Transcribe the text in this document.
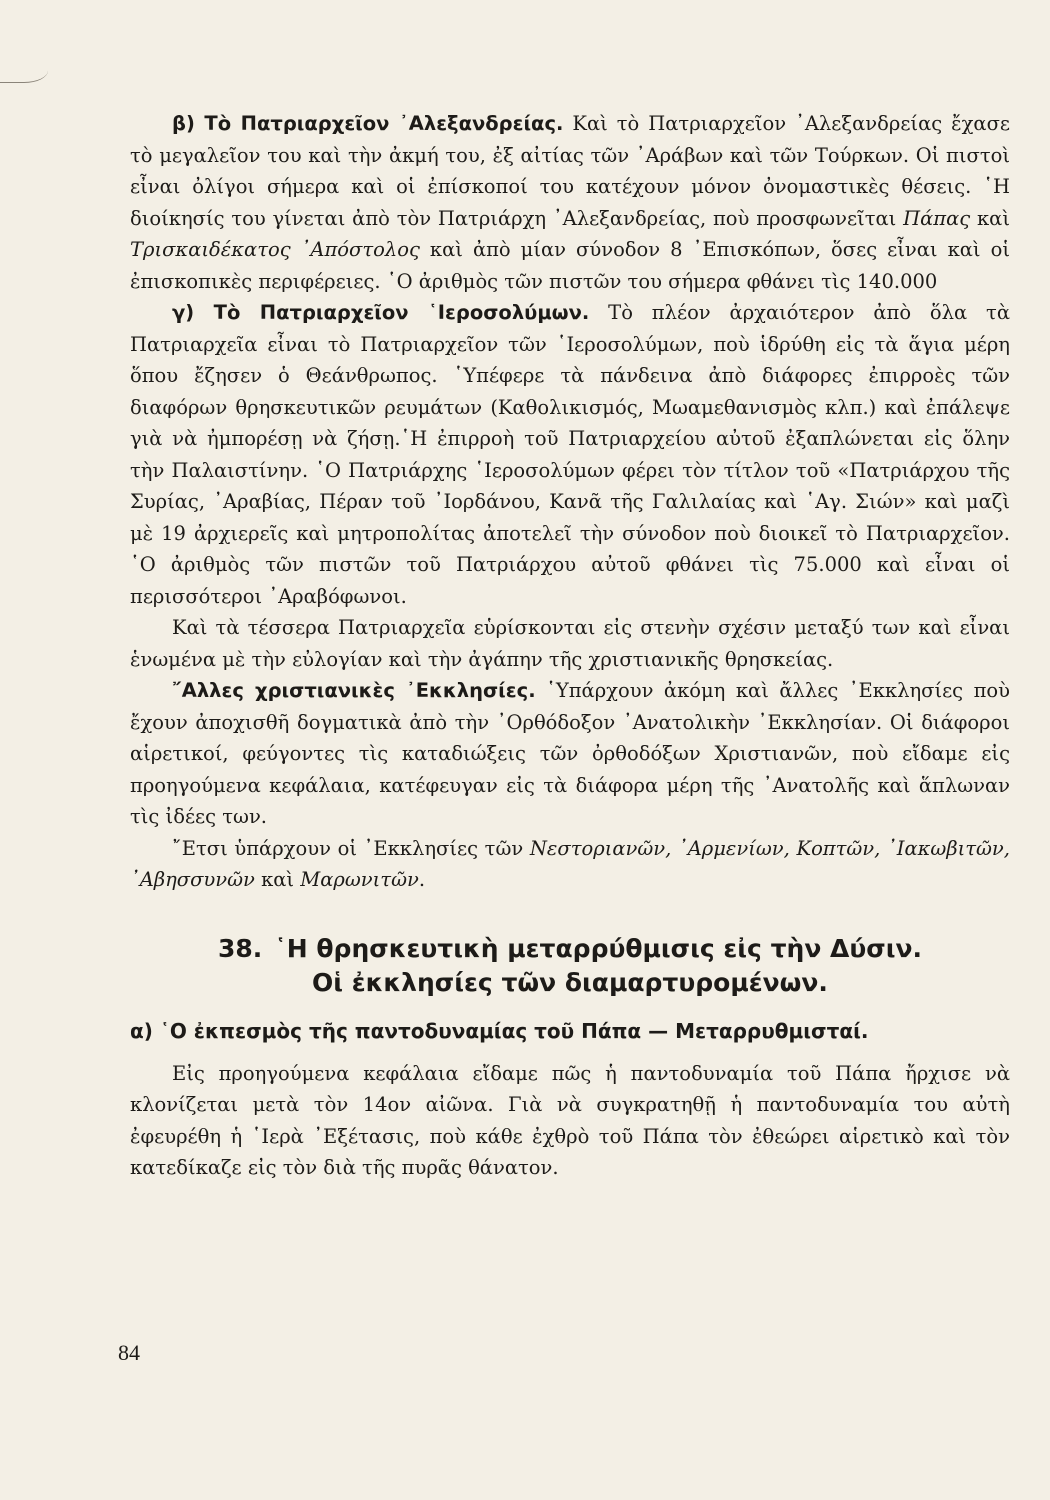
β) Τὸ Πατριαρχεῖον ᾿Αλεξανδρείας. Καὶ τὸ Πατριαρχεῖον ᾿Αλεξανδρείας ἔχασε τὸ μεγαλεῖον του καὶ τὴν ἀκμή του, ἐξ αἰτίας τῶν ᾿Αράβων καὶ τῶν Τούρκων. Οἱ πιστοὶ εἶναι ὀλίγοι σήμερα καὶ οἱ ἐπίσκοποί του κατέχουν μόνον ὀνομαστικὲς θέσεις. ῾Η διοίκησίς του γίνεται ἀπὸ τὸν Πατριάρχη ᾿Αλεξανδρείας, ποὺ προσφωνεῖται Πάπας καὶ Τρισκαιδέκατος ᾿Απόστολος καὶ ἀπὸ μίαν σύνοδον 8 ᾿Επισκόπων, ὅσες εἶναι καὶ οἱ ἐπισκοπικὲς περιφέρειες. ῾Ο ἀριθμὸς τῶν πιστῶν του σήμερα φθάνει τὶς 140.000

γ) Τὸ Πατριαρχεῖον ῾Ιεροσολύμων. Τὸ πλέον ἀρχαιότερον ἀπὸ ὅλα τὰ Πατριαρχεῖα εἶναι τὸ Πατριαρχεῖον τῶν ῾Ιεροσολύμων, ποὺ ἱδρύθη εἰς τὰ ἅγια μέρη ὅπου ἔζησεν ὁ Θεάνθρωπος. ῾Υπέφερε τὰ πάνδεινα ἀπὸ διάφορες ἐπιρροὲς τῶν διαφόρων θρησκευτικῶν ρευμάτων (Καθολικισμός, Μωαμεθανισμὸς κλπ.) καὶ ἐπάλεψε γιὰ νὰ ἠμπορέσῃ νὰ ζήσῃ.῾Η ἐπιρροὴ τοῦ Πατριαρχείου αὐτοῦ ἐξαπλώνεται εἰς ὅλην τὴν Παλαιστίνην. ῾Ο Πατριάρχης ῾Ιεροσολύμων φέρει τὸν τίτλον τοῦ «Πατριάρχου τῆς Συρίας, ᾿Αραβίας, Πέραν τοῦ ᾿Ιορδάνου, Κανᾶ τῆς Γαλιλαίας καὶ ῾Αγ. Σιών» καὶ μαζὶ μὲ 19 ἀρχιερεῖς καὶ μητροπολίτας ἀποτελεῖ τὴν σύνοδον ποὺ διοικεῖ τὸ Πατριαρχεῖον. ῾Ο ἀριθμὸς τῶν πιστῶν τοῦ Πατριάρχου αὐτοῦ φθάνει τὶς 75.000 καὶ εἶναι οἱ περισσότεροι ᾿Αραβόφωνοι.

Καὶ τὰ τέσσερα Πατριαρχεῖα εὑρίσκονται εἰς στενὴν σχέσιν μεταξύ των καὶ εἶναι ἑνωμένα μὲ τὴν εὐλογίαν καὶ τὴν ἀγάπην τῆς χριστιανικῆς θρησκείας.

῎Αλλες χριστιανικὲς ᾿Εκκλησίες. ῾Υπάρχουν ἀκόμη καὶ ἄλλες ᾿Εκκλησίες ποὺ ἔχουν ἀποχισθῆ δογματικὰ ἀπὸ τὴν ᾿Ορθόδοξον ᾿Ανατολικὴν ᾿Εκκλησίαν. Οἱ διάφοροι αἱρετικοί, φεύγοντες τὶς καταδιώξεις τῶν ὀρθοδόξων Χριστιανῶν, ποὺ εἴδαμε εἰς προηγούμενα κεφάλαια, κατέφευγαν εἰς τὰ διάφορα μέρη τῆς ᾿Ανατολῆς καὶ ἅπλωναν τὶς ἰδέες των.

῎Ετσι ὑπάρχουν οἱ ᾿Εκκλησίες τῶν Νεστοριανῶν, ᾿Αρμενίων, Κοπτῶν, ᾿Ιακωβιτῶν, ᾿Αβησσυνῶν καὶ Μαρωνιτῶν.

38. ῾Η θρησκευτικὴ μεταρρύθμισις εἰς τὴν Δύσιν.
Οἱ ἐκκλησίες τῶν διαμαρτυρομένων.
α) ῾Ο ἐκπεσμὸς τῆς παντοδυναμίας τοῦ Πάπα — Μεταρρυθμισταί.

Εἰς προηγούμενα κεφάλαια εἴδαμε πῶς ἡ παντοδυναμία τοῦ Πάπα ἤρχισε νὰ κλονίζεται μετὰ τὸν 14ον αἰῶνα. Γιὰ νὰ συγκρατηθῇ ἡ παντοδυναμία του αὐτὴ ἐφευρέθη ἡ ῾Ιερὰ ᾿Εξέτασις, ποὺ κάθε ἐχθρὸ τοῦ Πάπα τὸν ἐθεώρει αἱρετικὸ καὶ τὸν κατεδίκαζε εἰς τὸν διὰ τῆς πυρᾶς θάνατον.

84
